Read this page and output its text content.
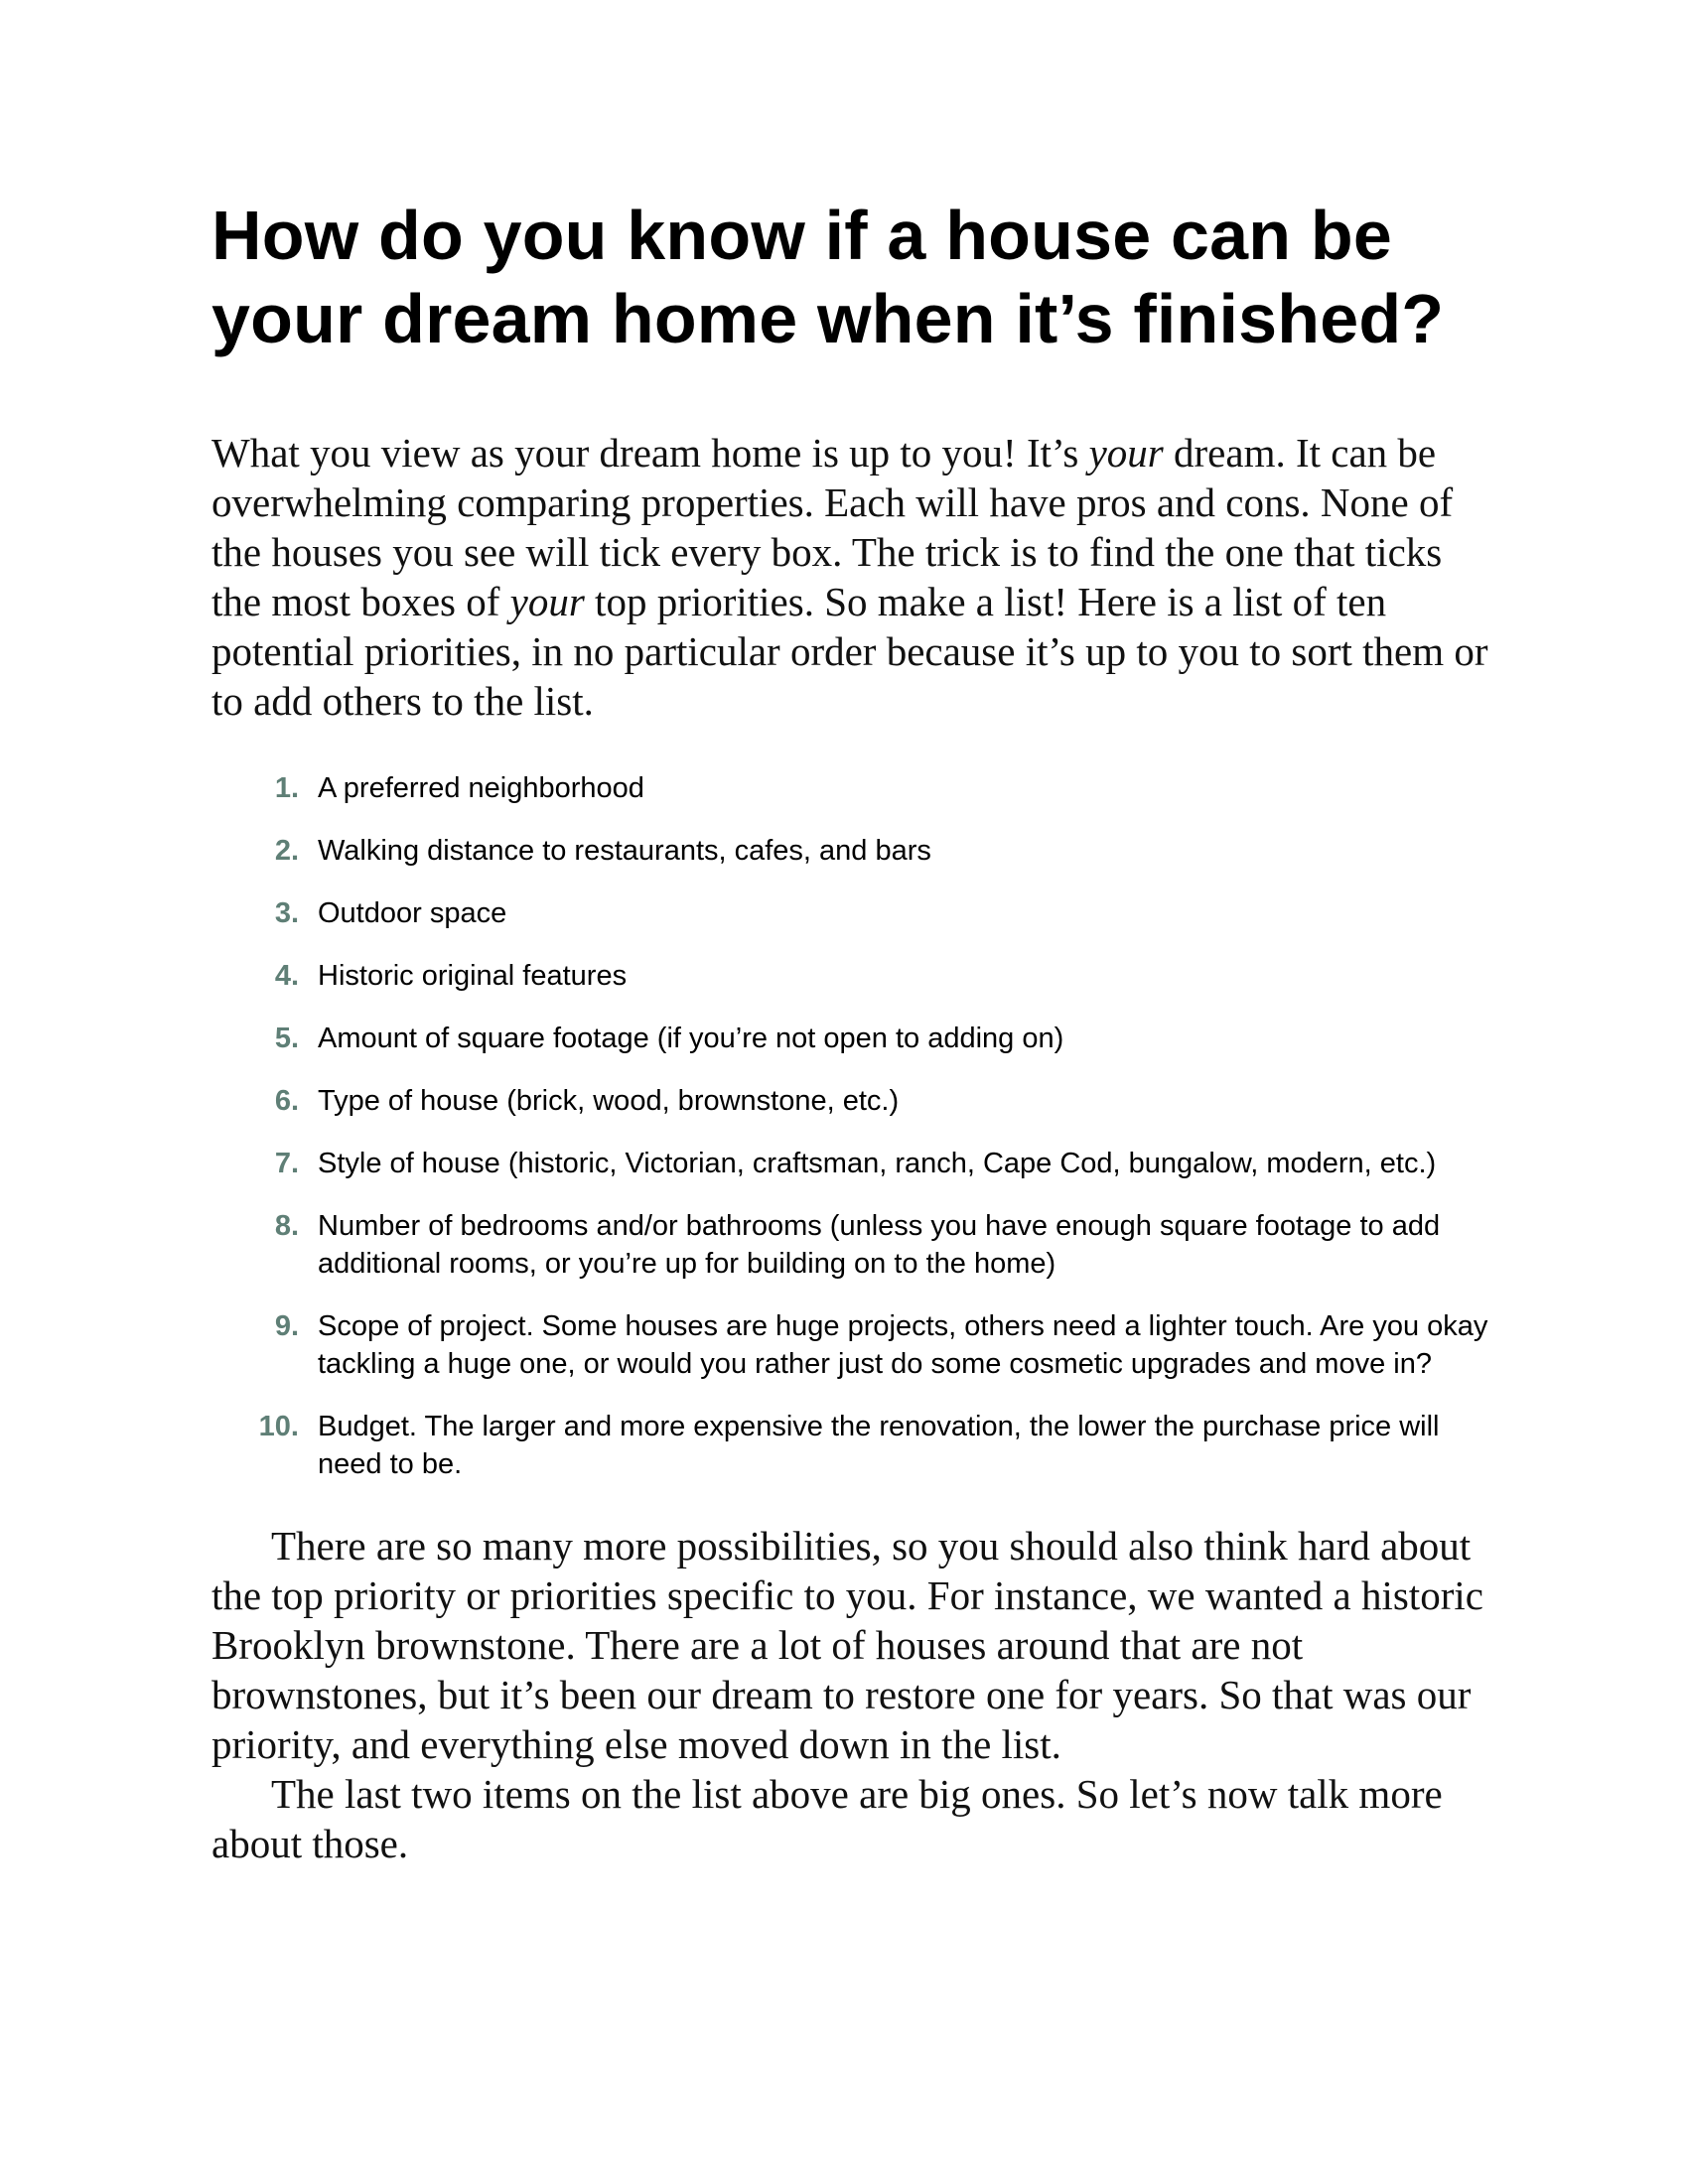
How do you know if a house can be your dream home when it’s finished?

What you view as your dream home is up to you! It’s your dream. It can be overwhelming comparing properties. Each will have pros and cons. None of the houses you see will tick every box. The trick is to find the one that ticks the most boxes of your top priorities. So make a list! Here is a list of ten potential priorities, in no particular order because it’s up to you to sort them or to add others to the list.

1. A preferred neighborhood
2. Walking distance to restaurants, cafes, and bars
3. Outdoor space
4. Historic original features
5. Amount of square footage (if you’re not open to adding on)
6. Type of house (brick, wood, brownstone, etc.)
7. Style of house (historic, Victorian, craftsman, ranch, Cape Cod, bungalow, modern, etc.)
8. Number of bedrooms and/or bathrooms (unless you have enough square footage to add additional rooms, or you’re up for building on to the home)
9. Scope of project. Some houses are huge projects, others need a lighter touch. Are you okay tackling a huge one, or would you rather just do some cosmetic upgrades and move in?
10. Budget. The larger and more expensive the renovation, the lower the purchase price will need to be.

There are so many more possibilities, so you should also think hard about the top priority or priorities specific to you. For instance, we wanted a historic Brooklyn brownstone. There are a lot of houses around that are not brownstones, but it’s been our dream to restore one for years. So that was our priority, and everything else moved down in the list.

The last two items on the list above are big ones. So let’s now talk more about those.
